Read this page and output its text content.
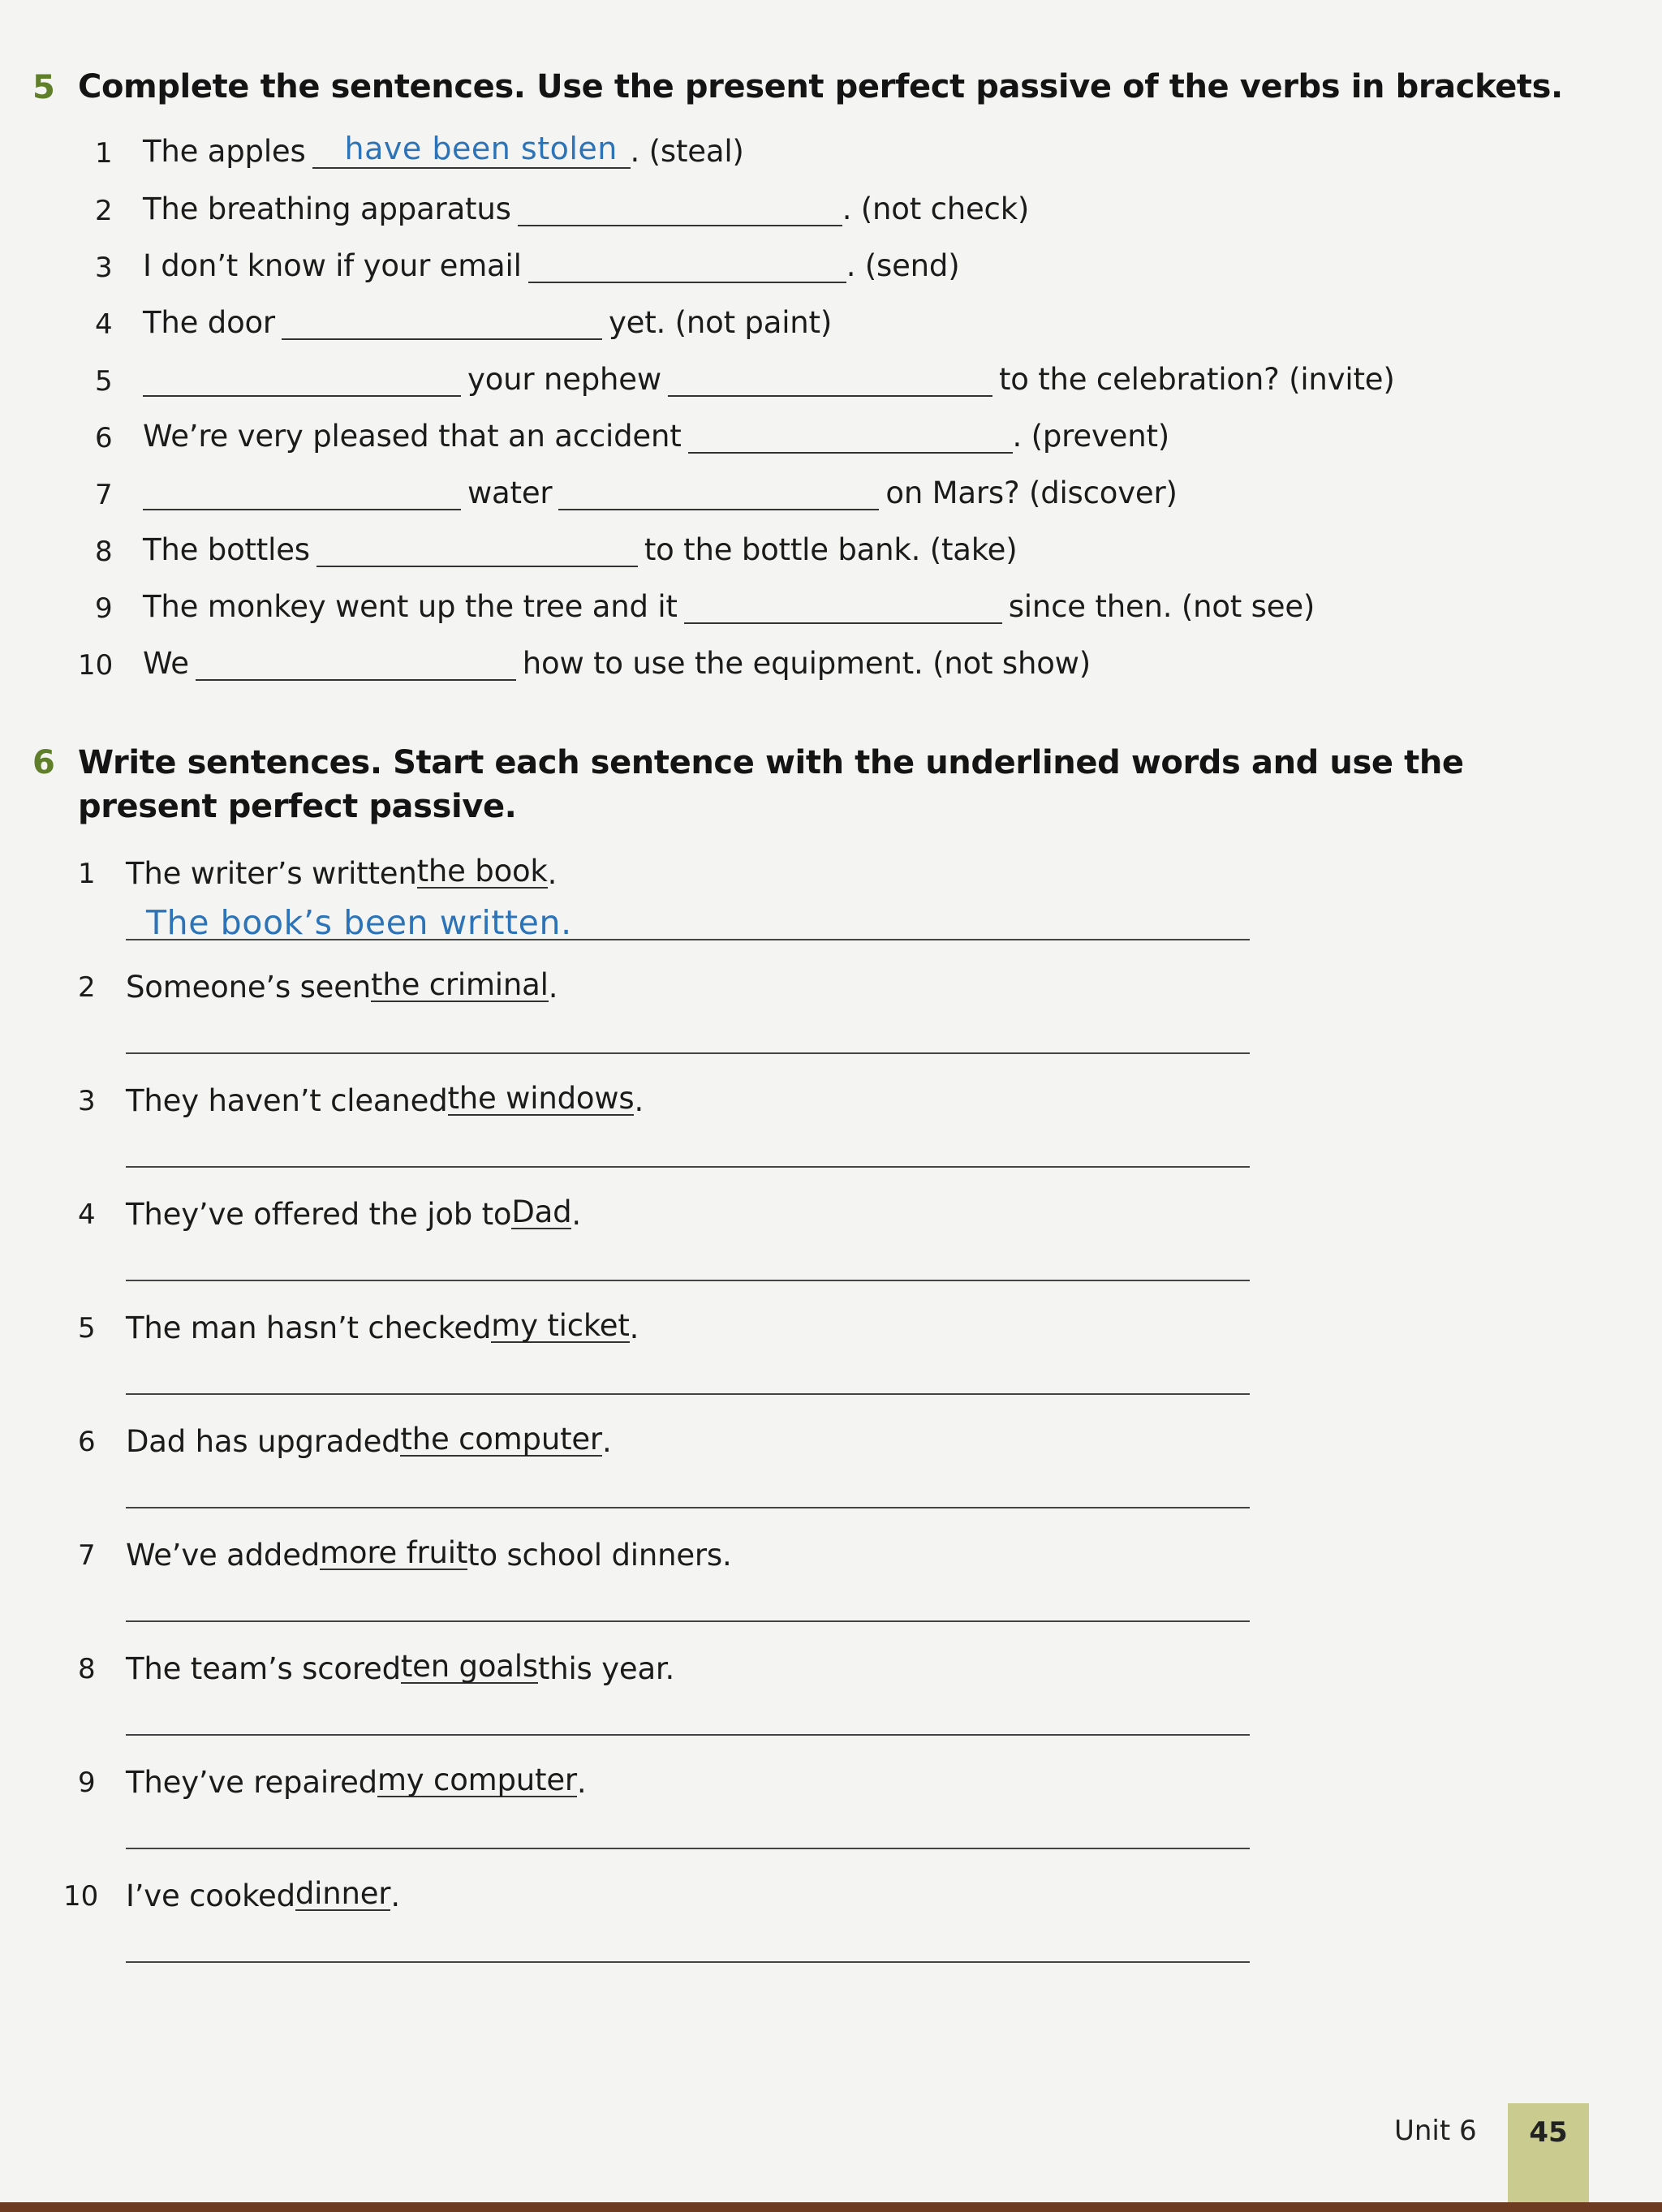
5 Complete the sentences. Use the present perfect passive of the verbs in brackets.
1 The apples have been stolen . (steal)
2 The breathing apparatus	. (not check)
3 I don’t know if your email	. (send)
4 The door	yet. (not paint)
5	your nephew	to the celebration? (invite)
6 We’re very pleased that an accident	. (prevent)
7	water	on Mars? (discover)
8 The bottles	to the bottle bank. (take)
9 The monkey went up the tree and it	since then. (not see)
10 We	how to use the equipment. (not show)
6 Write sentences. Start each sentence with the underlined words and use the
present perfect passive.
1 The writer’s written the book .
The book’s been written.
2 Someone’s seen the criminal .
3 They haven’t cleaned the windows .
4 They’ve offered the job to Dad .
5 The man hasn’t checked my ticket .
6 Dad has upgraded the computer .
7 We’ve added more fruit to school dinners.
8 The team’s scored ten goals this year.
9 They’ve repaired my computer .
10 I’ve cooked dinner .
Unit 6	45
